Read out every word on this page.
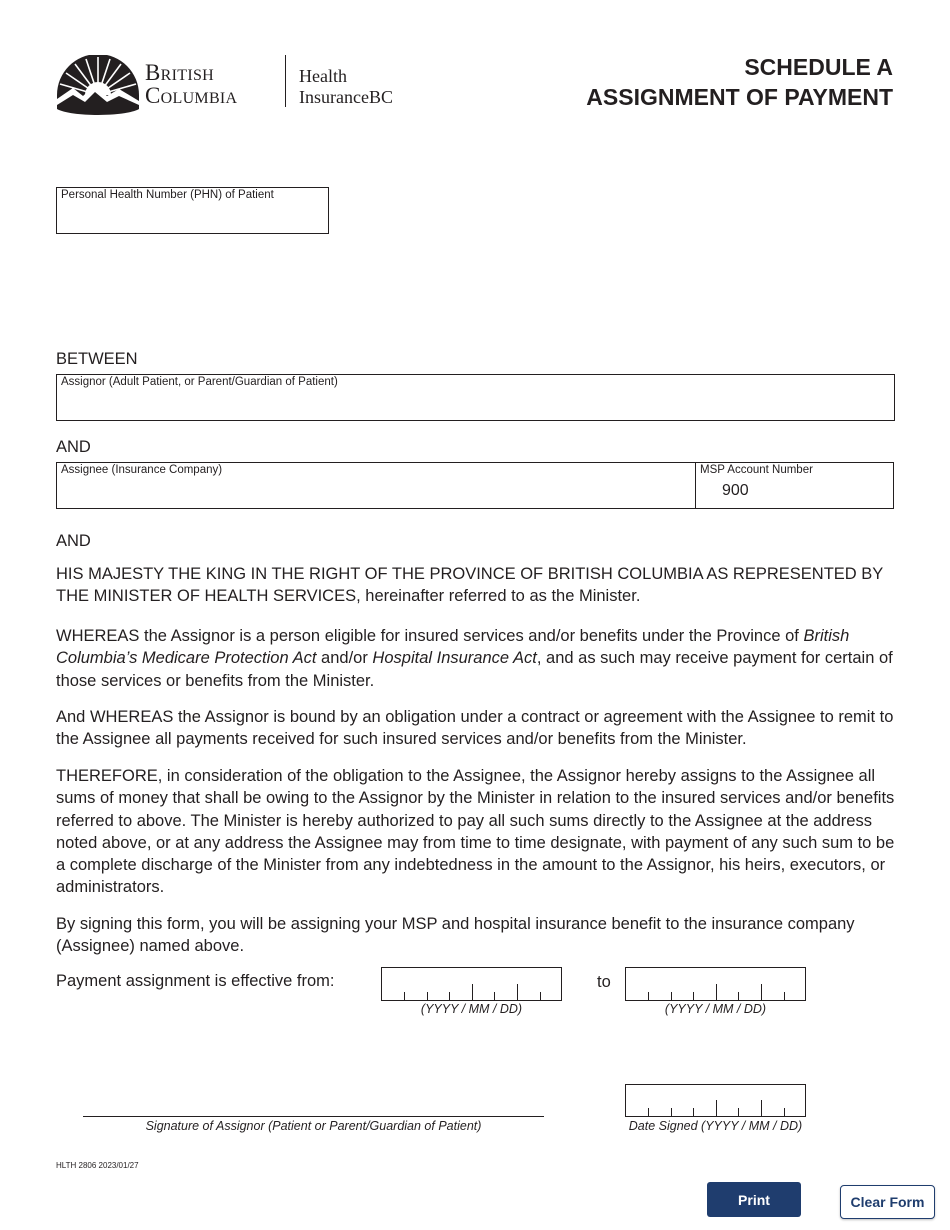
British
Columbia
Health
InsuranceBC
SCHEDULE A
ASSIGNMENT OF PAYMENT
Personal Health Number (PHN) of Patient
BETWEEN
Assignor (Adult Patient, or Parent/Guardian of Patient)
AND
Assignee (Insurance Company)	MSP Account Number
900
AND

HIS MAJESTY THE KING IN THE RIGHT OF THE PROVINCE OF BRITISH COLUMBIA AS REPRESENTED BY THE MINISTER OF HEALTH SERVICES, hereinafter referred to as the Minister.

WHEREAS the Assignor is a person eligible for insured services and/or benefits under the Province of British Columbia’s Medicare Protection Act and/or Hospital Insurance Act, and as such may receive payment for certain of those services or benefits from the Minister.

And WHEREAS the Assignor is bound by an obligation under a contract or agreement with the Assignee to remit to the Assignee all payments received for such insured services and/or benefits from the Minister.

THEREFORE, in consideration of the obligation to the Assignee, the Assignor hereby assigns to the Assignee all sums of money that shall be owing to the Assignor by the Minister in relation to the insured services and/or benefits referred to above. The Minister is hereby authorized to pay all such sums directly to the Assignee at the address noted above, or at any address the Assignee may from time to time designate, with payment of any such sum to be a complete discharge of the Minister from any indebtedness in the amount to the Assignor, his heirs, executors, or administrators.

By signing this form, you will be assigning your MSP and hospital insurance benefit to the insurance company (Assignee) named above.

Payment assignment is effective from:
(YYYY / MM / DD)
to
(YYYY / MM / DD)
Signature of Assignor (Patient or Parent/Guardian of Patient)	Date Signed (YYYY / MM / DD)
HLTH 2806 2023/01/27
Print	Clear Form
